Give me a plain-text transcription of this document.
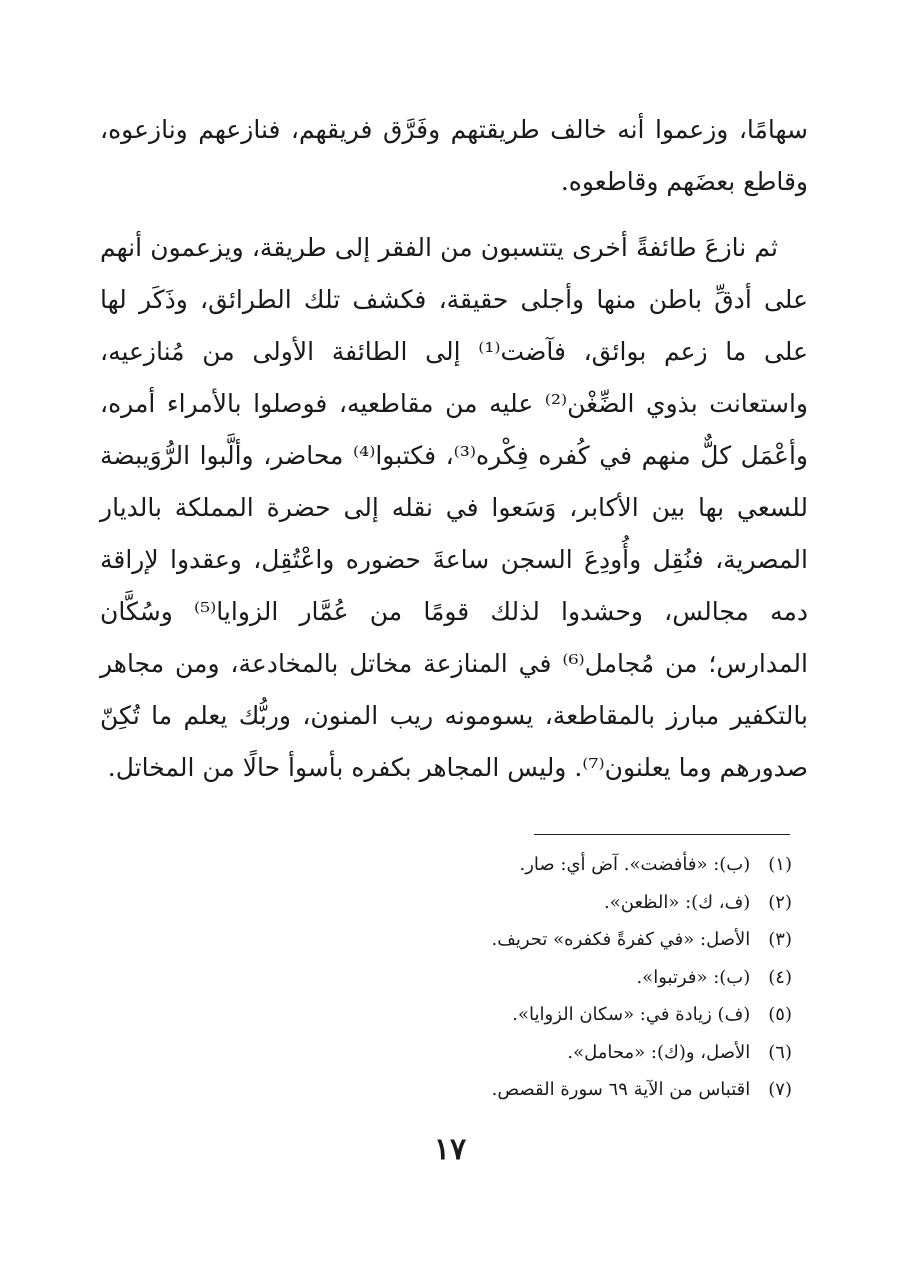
سهامًا، وزعموا أنه خالف طريقتهم وفَرَّق فريقهم، فنازعهم ونازعوه، وقاطع بعضَهم وقاطعوه.

ثم نازعَ طائفةً أخرى يتتسبون من الفقر إلى طريقة، ويزعمون أنهم على أدقِّ باطن منها وأجلى حقيقة، فكشف تلك الطرائق، وذَكَر لها على ما زعم بوائق، فآضت⁽¹⁾ إلى الطائفة الأولى من مُنازعيه، واستعانت بذوي الضِّغْن⁽²⁾ عليه من مقاطعيه، فوصلوا بالأمراء أمره، وأعْمَل كلٌّ منهم في كُفره فِكْره⁽³⁾، فكتبوا⁽⁴⁾ محاضر، وألَّبوا الرُّوَيبضة للسعي بها بين الأكابر، وَسَعوا في نقله إلى حضرة المملكة بالديار المصرية، فنُقِل وأُودِعَ السجن ساعةَ حضوره واعْتُقِل، وعقدوا لإراقة دمه مجالس، وحشدوا لذلك قومًا من عُمَّار الزوايا⁽⁵⁾ وسُكَّان المدارس؛ من مُجامل⁽⁶⁾ في المنازعة مخاتل بالمخادعة، ومن مجاهر بالتكفير مبارز بالمقاطعة، يسومونه ريب المنون، وربُّك يعلم ما تُكِنّ صدورهم وما يعلنون⁽⁷⁾. وليس المجاهر بكفره بأسوأ حالًا من المخاتل.

(١) (ب): «فأفضت». آض أي: صار.
(٢) (ف، ك): «الظعن».
(٣) الأصل: «في كفرةً فكفره» تحريف.
(٤) (ب): «فرتبوا».
(٥) (ف) زيادة في: «سكان الزوايا».
(٦) الأصل، و(ك): «محامل».
(٧) اقتباس من الآية ٦٩ سورة القصص.
١٧
